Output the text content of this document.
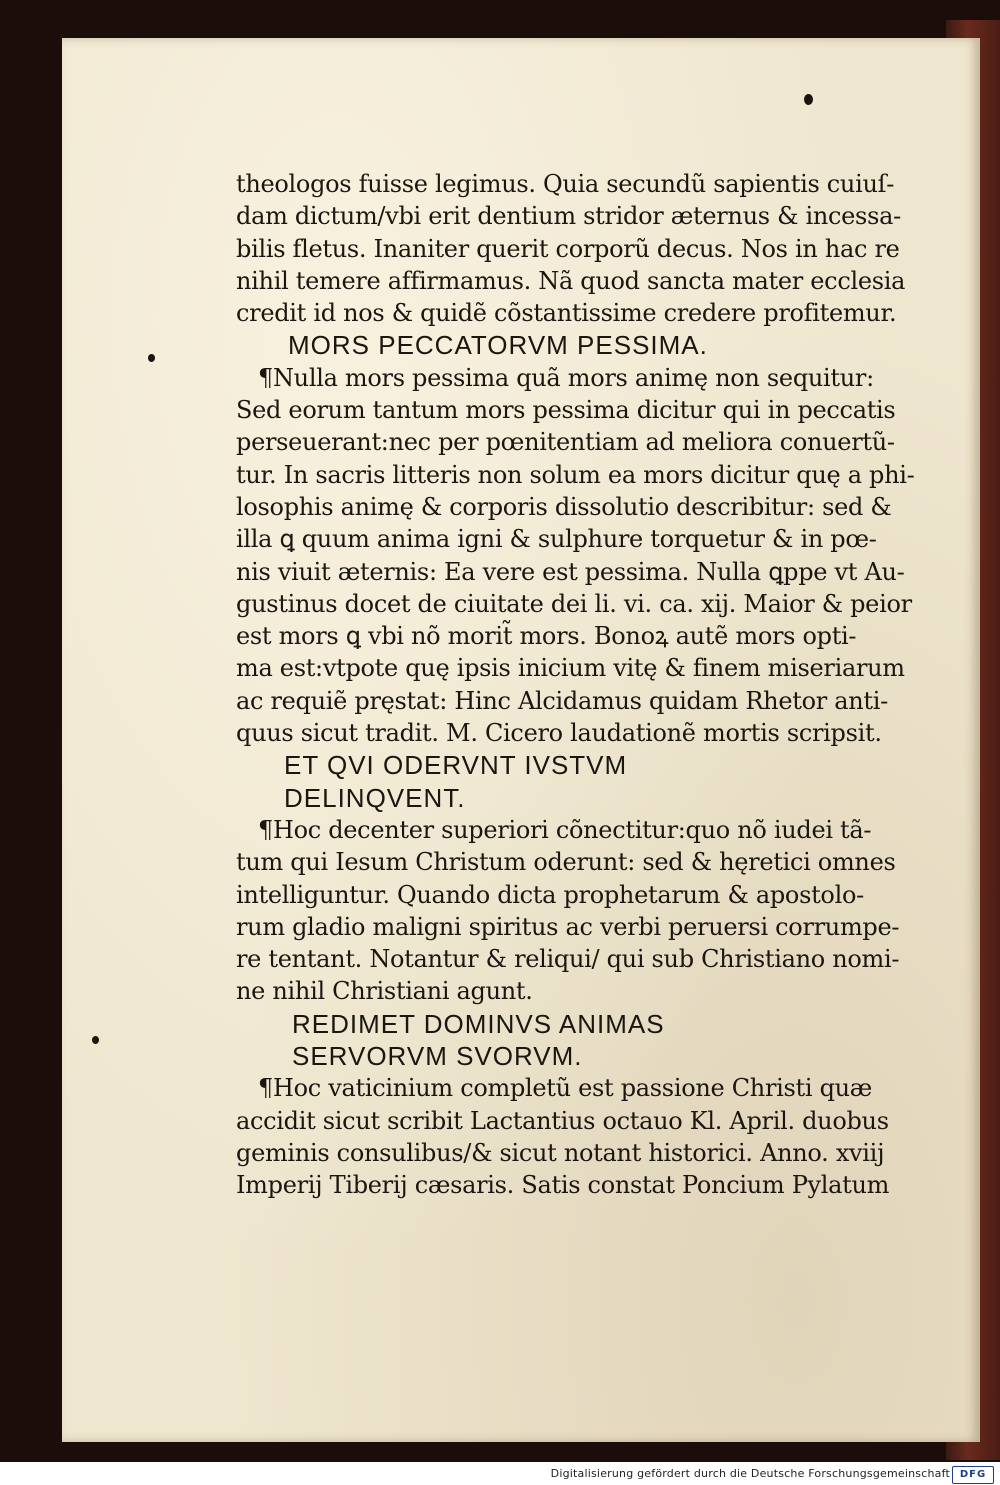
theologos fuisse legimus. Quia secundũ sapientis cuiuſ-
dam dictum/vbi erit dentium stridor æternus & incessa-
bilis fletus. Inaniter querit corporũ decus. Nos in hac re
nihil temere affirmamus. Nã quod sancta mater ecclesia
credit id nos & quidẽ cõstantissime credere profitemur.
MORS PECCATORVM PESSIMA.
¶Nulla mors pessima quã mors animę non sequitur:
Sed eorum tantum mors pessima dicitur qui in peccatis
perseuerant:nec per pœnitentiam ad meliora conuertũ-
tur. In sacris litteris non solum ea mors dicitur quę a phi-
losophis animę & corporis dissolutio describitur: sed &
illa ꝗ quum anima igni & sulphure torquetur & in pœ-
nis viuit æternis: Ea vere est pessima. Nulla ꝗppe vt Au-
gustinus docet de ciuitate dei li. vi. ca. xij. Maior & peior
est mors ꝗ vbi nõ morit̃ mors. Bonoꝝ autẽ mors opti-
ma est:vtpote quę ipsis inicium vitę & finem miseriarum
ac requiẽ pręstat: Hinc Alcidamus quidam Rhetor anti-
quus sicut tradit. M. Cicero laudationẽ mortis scripsit.
ET QVI ODERVNT IVSTVM
DELINQVENT.
¶Hoc decenter superiori cõnectitur:quo nõ iudei tã-
tum qui Iesum Christum oderunt: sed & hęretici omnes
intelliguntur. Quando dicta prophetarum & apostolo-
rum gladio maligni spiritus ac verbi peruersi corrumpe-
re tentant. Notantur & reliqui/ qui sub Christiano nomi-
ne nihil Christiani agunt.
REDIMET DOMINVS ANIMAS
SERVORVM SVORVM.
¶Hoc vaticinium completũ est passione Christi quæ
accidit sicut scribit Lactantius octauo Kl. April. duobus
geminis consulibus/& sicut notant historici. Anno. xviij
Imperij Tiberij cæsaris. Satis constat Poncium Pylatum
Digitalisierung gefördert durch die Deutsche Forschungsgemeinschaft DFG
